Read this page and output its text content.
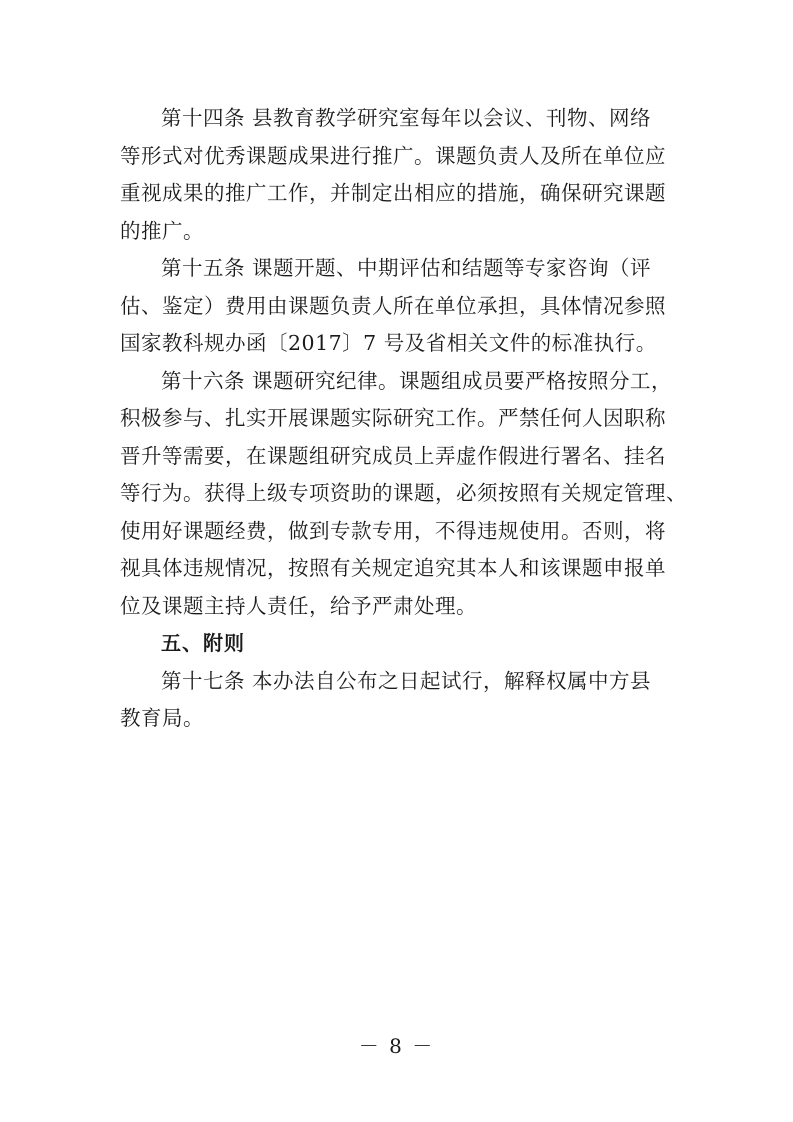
第十四条 县教育教学研究室每年以会议、刊物、网络
等形式对优秀课题成果进行推广。课题负责人及所在单位应
重视成果的推广工作，并制定出相应的措施，确保研究课题
的推广。

第十五条 课题开题、中期评估和结题等专家咨询（评
估、鉴定）费用由课题负责人所在单位承担，具体情况参照
国家教科规办函〔2017〕7 号及省相关文件的标准执行。

第十六条 课题研究纪律。课题组成员要严格按照分工，
积极参与、扎实开展课题实际研究工作。严禁任何人因职称
晋升等需要，在课题组研究成员上弄虚作假进行署名、挂名
等行为。获得上级专项资助的课题，必须按照有关规定管理、
使用好课题经费，做到专款专用，不得违规使用。否则，将
视具体违规情况，按照有关规定追究其本人和该课题申报单
位及课题主持人责任，给予严肃处理。

五、附则

第十七条 本办法自公布之日起试行，解释权属中方县
教育局。

－ 8 －
